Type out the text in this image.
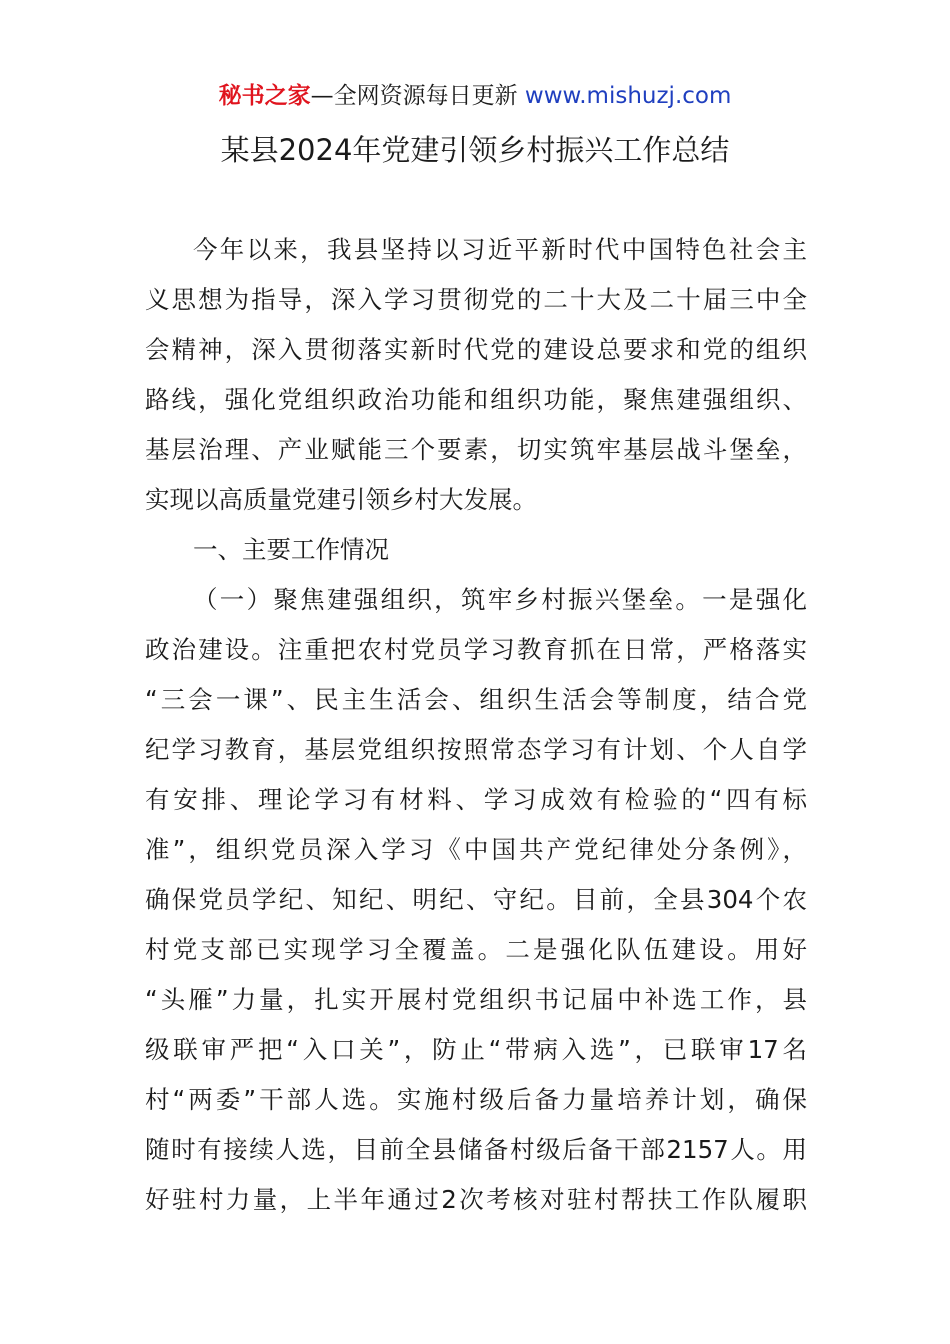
秘书之家—全网资源每日更新 www.mishuzj.com
某县2024年党建引领乡村振兴工作总结
今年以来，我县坚持以习近平新时代中国特色社会主
义思想为指导，深入学习贯彻党的二十大及二十届三中全
会精神，深入贯彻落实新时代党的建设总要求和党的组织
路线，强化党组织政治功能和组织功能，聚焦建强组织、
基层治理、产业赋能三个要素，切实筑牢基层战斗堡垒，
实现以高质量党建引领乡村大发展。
一、主要工作情况
（一）聚焦建强组织，筑牢乡村振兴堡垒。一是强化
政治建设。注重把农村党员学习教育抓在日常，严格落实
“三会一课”、民主生活会、组织生活会等制度，结合党
纪学习教育，基层党组织按照常态学习有计划、个人自学
有安排、理论学习有材料、学习成效有检验的“四有标
准”，组织党员深入学习《中国共产党纪律处分条例》，
确保党员学纪、知纪、明纪、守纪。目前，全县304个农
村党支部已实现学习全覆盖。二是强化队伍建设。用好
“头雁”力量，扎实开展村党组织书记届中补选工作，县
级联审严把“入口关”，防止“带病入选”，已联审17名
村“两委”干部人选。实施村级后备力量培养计划，确保
随时有接续人选，目前全县储备村级后备干部2157人。用
好驻村力量，上半年通过2次考核对驻村帮扶工作队履职
